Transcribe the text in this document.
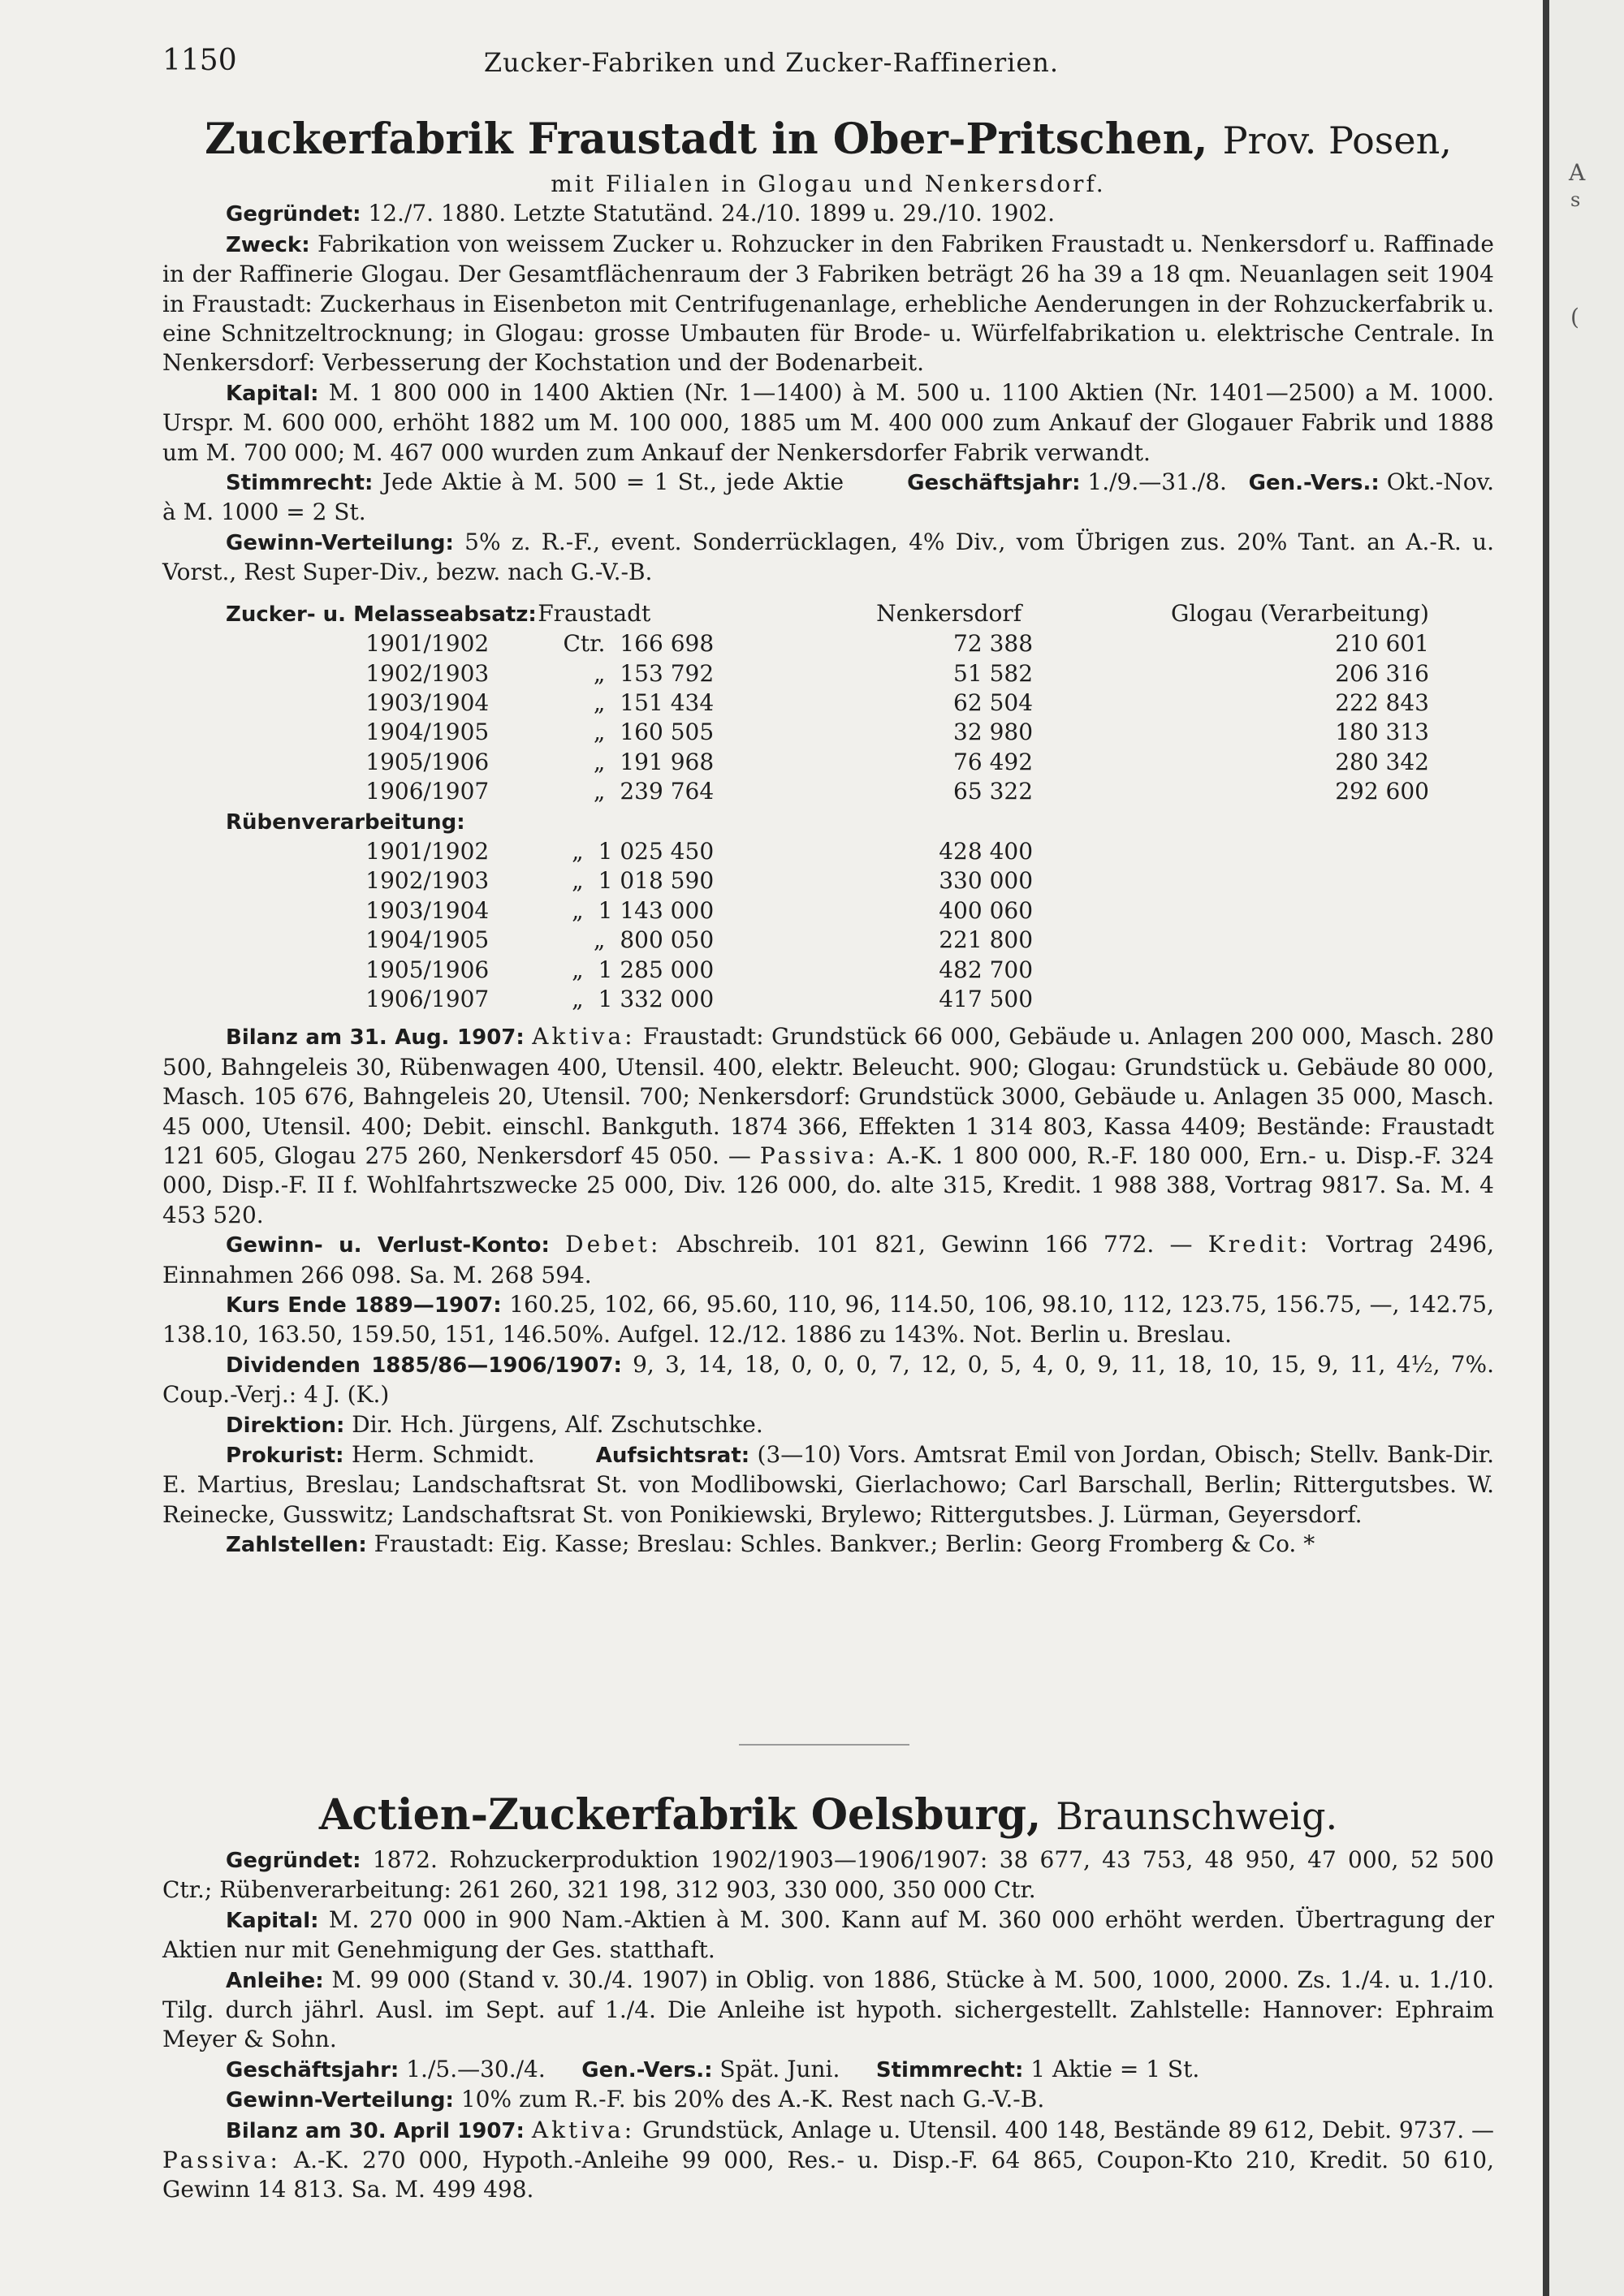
A
s
(
1150	Zucker-Fabriken und Zucker-Raffinerien.
Zuckerfabrik Fraustadt in Ober-Pritschen, Prov. Posen,
mit Filialen in Glogau und Nenkersdorf.

Gegründet: 12./7. 1880. Letzte Statutänd. 24./10. 1899 u. 29./10. 1902.

Zweck: Fabrikation von weissem Zucker u. Rohzucker in den Fabriken Fraustadt u. Nenkersdorf u. Raffinade in der Raffinerie Glogau. Der Gesamtflächenraum der 3 Fabriken beträgt 26 ha 39 a 18 qm. Neuanlagen seit 1904 in Fraustadt: Zuckerhaus in Eisenbeton mit Centrifugenanlage, erhebliche Aenderungen in der Rohzuckerfabrik u. eine Schnitzeltrocknung; in Glogau: grosse Umbauten für Brode- u. Würfelfabrikation u. elektrische Centrale. In Nenkersdorf: Verbesserung der Kochstation und der Bodenarbeit.

Kapital: M. 1 800 000 in 1400 Aktien (Nr. 1—1400) à M. 500 u. 1100 Aktien (Nr. 1401—2500) a M. 1000. Urspr. M. 600 000, erhöht 1882 um M. 100 000, 1885 um M. 400 000 zum Ankauf der Glogauer Fabrik und 1888 um M. 700 000; M. 467 000 wurden zum Ankauf der Nenkersdorfer Fabrik verwandt.
Geschäftsjahr: 1./9.—31./8. Gen.-Vers.: Okt.-Nov.

Stimmrecht: Jede Aktie à M. 500 = 1 St., jede Aktie à M. 1000 = 2 St.

Gewinn-Verteilung: 5% z. R.-F., event. Sonderrücklagen, 4% Div., vom Übrigen zus. 20% Tant. an A.-R. u. Vorst., Rest Super-Div., bezw. nach G.-V.-B.

Zucker- u. Melasseabsatz:	Fraustadt	Nenkersdorf	Glogau (Verarbeitung)
1901/1902	Ctr. 166 698	72 388	210 601
1902/1903	„ 153 792	51 582	206 316
1903/1904	„ 151 434	62 504	222 843
1904/1905	„ 160 505	32 980	180 313
1905/1906	„ 191 968	76 492	280 342
1906/1907	„ 239 764	65 322	292 600
Rübenverarbeitung:			
1901/1902	„ 1 025 450	428 400	
1902/1903	„ 1 018 590	330 000	
1903/1904	„ 1 143 000	400 060	
1904/1905	„ 800 050	221 800	
1905/1906	„ 1 285 000	482 700	
1906/1907	„ 1 332 000	417 500	

Bilanz am 31. Aug. 1907: Aktiva: Fraustadt: Grundstück 66 000, Gebäude u. Anlagen 200 000, Masch. 280 500, Bahngeleis 30, Rübenwagen 400, Utensil. 400, elektr. Beleucht. 900; Glogau: Grundstück u. Gebäude 80 000, Masch. 105 676, Bahngeleis 20, Utensil. 700; Nenkersdorf: Grundstück 3000, Gebäude u. Anlagen 35 000, Masch. 45 000, Utensil. 400; Debit. einschl. Bankguth. 1874 366, Effekten 1 314 803, Kassa 4409; Bestände: Fraustadt 121 605, Glogau 275 260, Nenkersdorf 45 050. — Passiva: A.-K. 1 800 000, R.-F. 180 000, Ern.- u. Disp.-F. 324 000, Disp.-F. II f. Wohlfahrtszwecke 25 000, Div. 126 000, do. alte 315, Kredit. 1 988 388, Vortrag 9817. Sa. M. 4 453 520.

Gewinn- u. Verlust-Konto: Debet: Abschreib. 101 821, Gewinn 166 772. — Kredit: Vortrag 2496, Einnahmen 266 098. Sa. M. 268 594.

Kurs Ende 1889—1907: 160.25, 102, 66, 95.60, 110, 96, 114.50, 106, 98.10, 112, 123.75, 156.75, —, 142.75, 138.10, 163.50, 159.50, 151, 146.50%. Aufgel. 12./12. 1886 zu 143%. Not. Berlin u. Breslau.

Dividenden 1885/86—1906/1907: 9, 3, 14, 18, 0, 0, 0, 7, 12, 0, 5, 4, 0, 9, 11, 18, 10, 15, 9, 11, 4½, 7%. Coup.-Verj.: 4 J. (K.)

Direktion: Dir. Hch. Jürgens, Alf. Zschutschke.

Prokurist: Herm. Schmidt.	Aufsichtsrat: (3—10) Vors. Amtsrat Emil von Jordan, Obisch; Stellv. Bank-Dir. E. Martius, Breslau; Landschaftsrat St. von Modlibowski, Gierlachowo; Carl Barschall, Berlin; Rittergutsbes. W. Reinecke, Gusswitz; Landschaftsrat St. von Ponikiewski, Brylewo; Rittergutsbes. J. Lürman, Geyersdorf.

Zahlstellen: Fraustadt: Eig. Kasse; Breslau: Schles. Bankver.; Berlin: Georg Fromberg & Co. *

Actien-Zuckerfabrik Oelsburg, Braunschweig.

Gegründet: 1872. Rohzuckerproduktion 1902/1903—1906/1907: 38 677, 43 753, 48 950, 47 000, 52 500 Ctr.; Rübenverarbeitung: 261 260, 321 198, 312 903, 330 000, 350 000 Ctr.

Kapital: M. 270 000 in 900 Nam.-Aktien à M. 300. Kann auf M. 360 000 erhöht werden. Übertragung der Aktien nur mit Genehmigung der Ges. statthaft.

Anleihe: M. 99 000 (Stand v. 30./4. 1907) in Oblig. von 1886, Stücke à M. 500, 1000, 2000. Zs. 1./4. u. 1./10. Tilg. durch jährl. Ausl. im Sept. auf 1./4. Die Anleihe ist hypoth. sichergestellt. Zahlstelle: Hannover: Ephraim Meyer & Sohn.

Geschäftsjahr: 1./5.—30./4. Gen.-Vers.: Spät. Juni. Stimmrecht: 1 Aktie = 1 St.

Gewinn-Verteilung: 10% zum R.-F. bis 20% des A.-K. Rest nach G.-V.-B.

Bilanz am 30. April 1907: Aktiva: Grundstück, Anlage u. Utensil. 400 148, Bestände 89 612, Debit. 9737. — Passiva: A.-K. 270 000, Hypoth.-Anleihe 99 000, Res.- u. Disp.-F. 64 865, Coupon-Kto 210, Kredit. 50 610, Gewinn 14 813. Sa. M. 499 498.
